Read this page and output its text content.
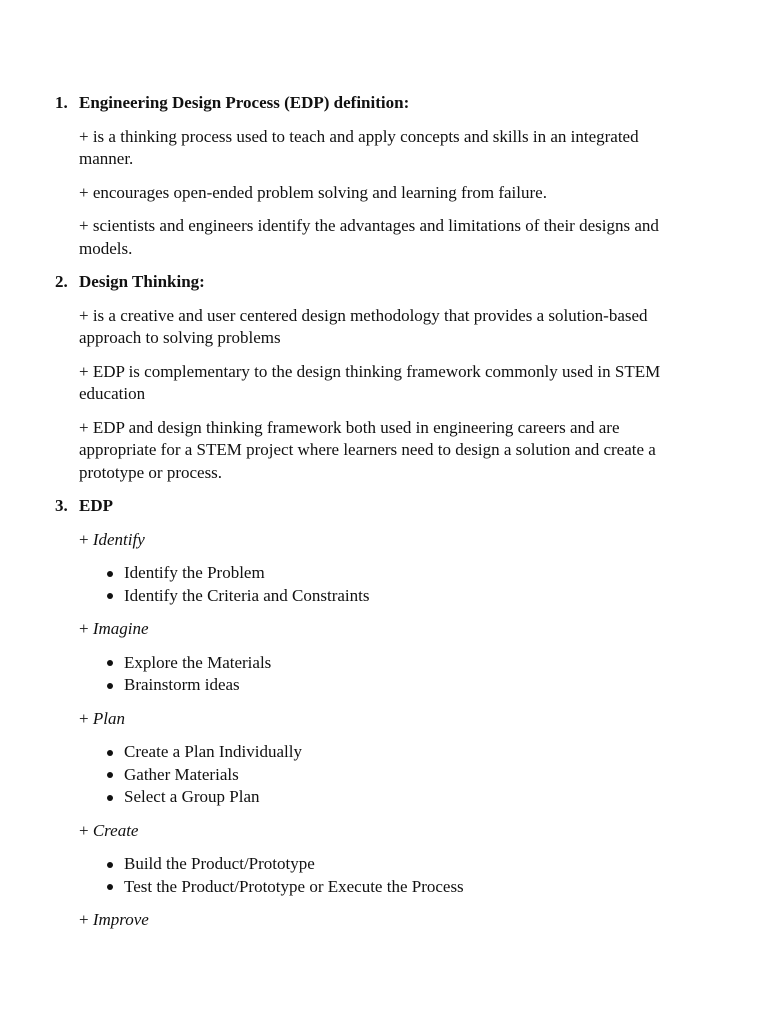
1. Engineering Design Process (EDP) definition:

+ is a thinking process used to teach and apply concepts and skills in an integrated manner.

+ encourages open-ended problem solving and learning from failure.

+ scientists and engineers identify the advantages and limitations of their designs and models.

2. Design Thinking:

+ is a creative and user centered design methodology that provides a solution-based approach to solving problems

+ EDP is complementary to the design thinking framework commonly used in STEM education

+ EDP and design thinking framework both used in engineering careers and are appropriate for a STEM project where learners need to design a solution and create a prototype or process.

3. EDP

+ Identify

Identify the Problem
Identify the Criteria and Constraints

+ Imagine

Explore the Materials
Brainstorm ideas

+ Plan

Create a Plan Individually
Gather Materials
Select a Group Plan

+ Create

Build the Product/Prototype
Test the Product/Prototype or Execute the Process

+ Improve
